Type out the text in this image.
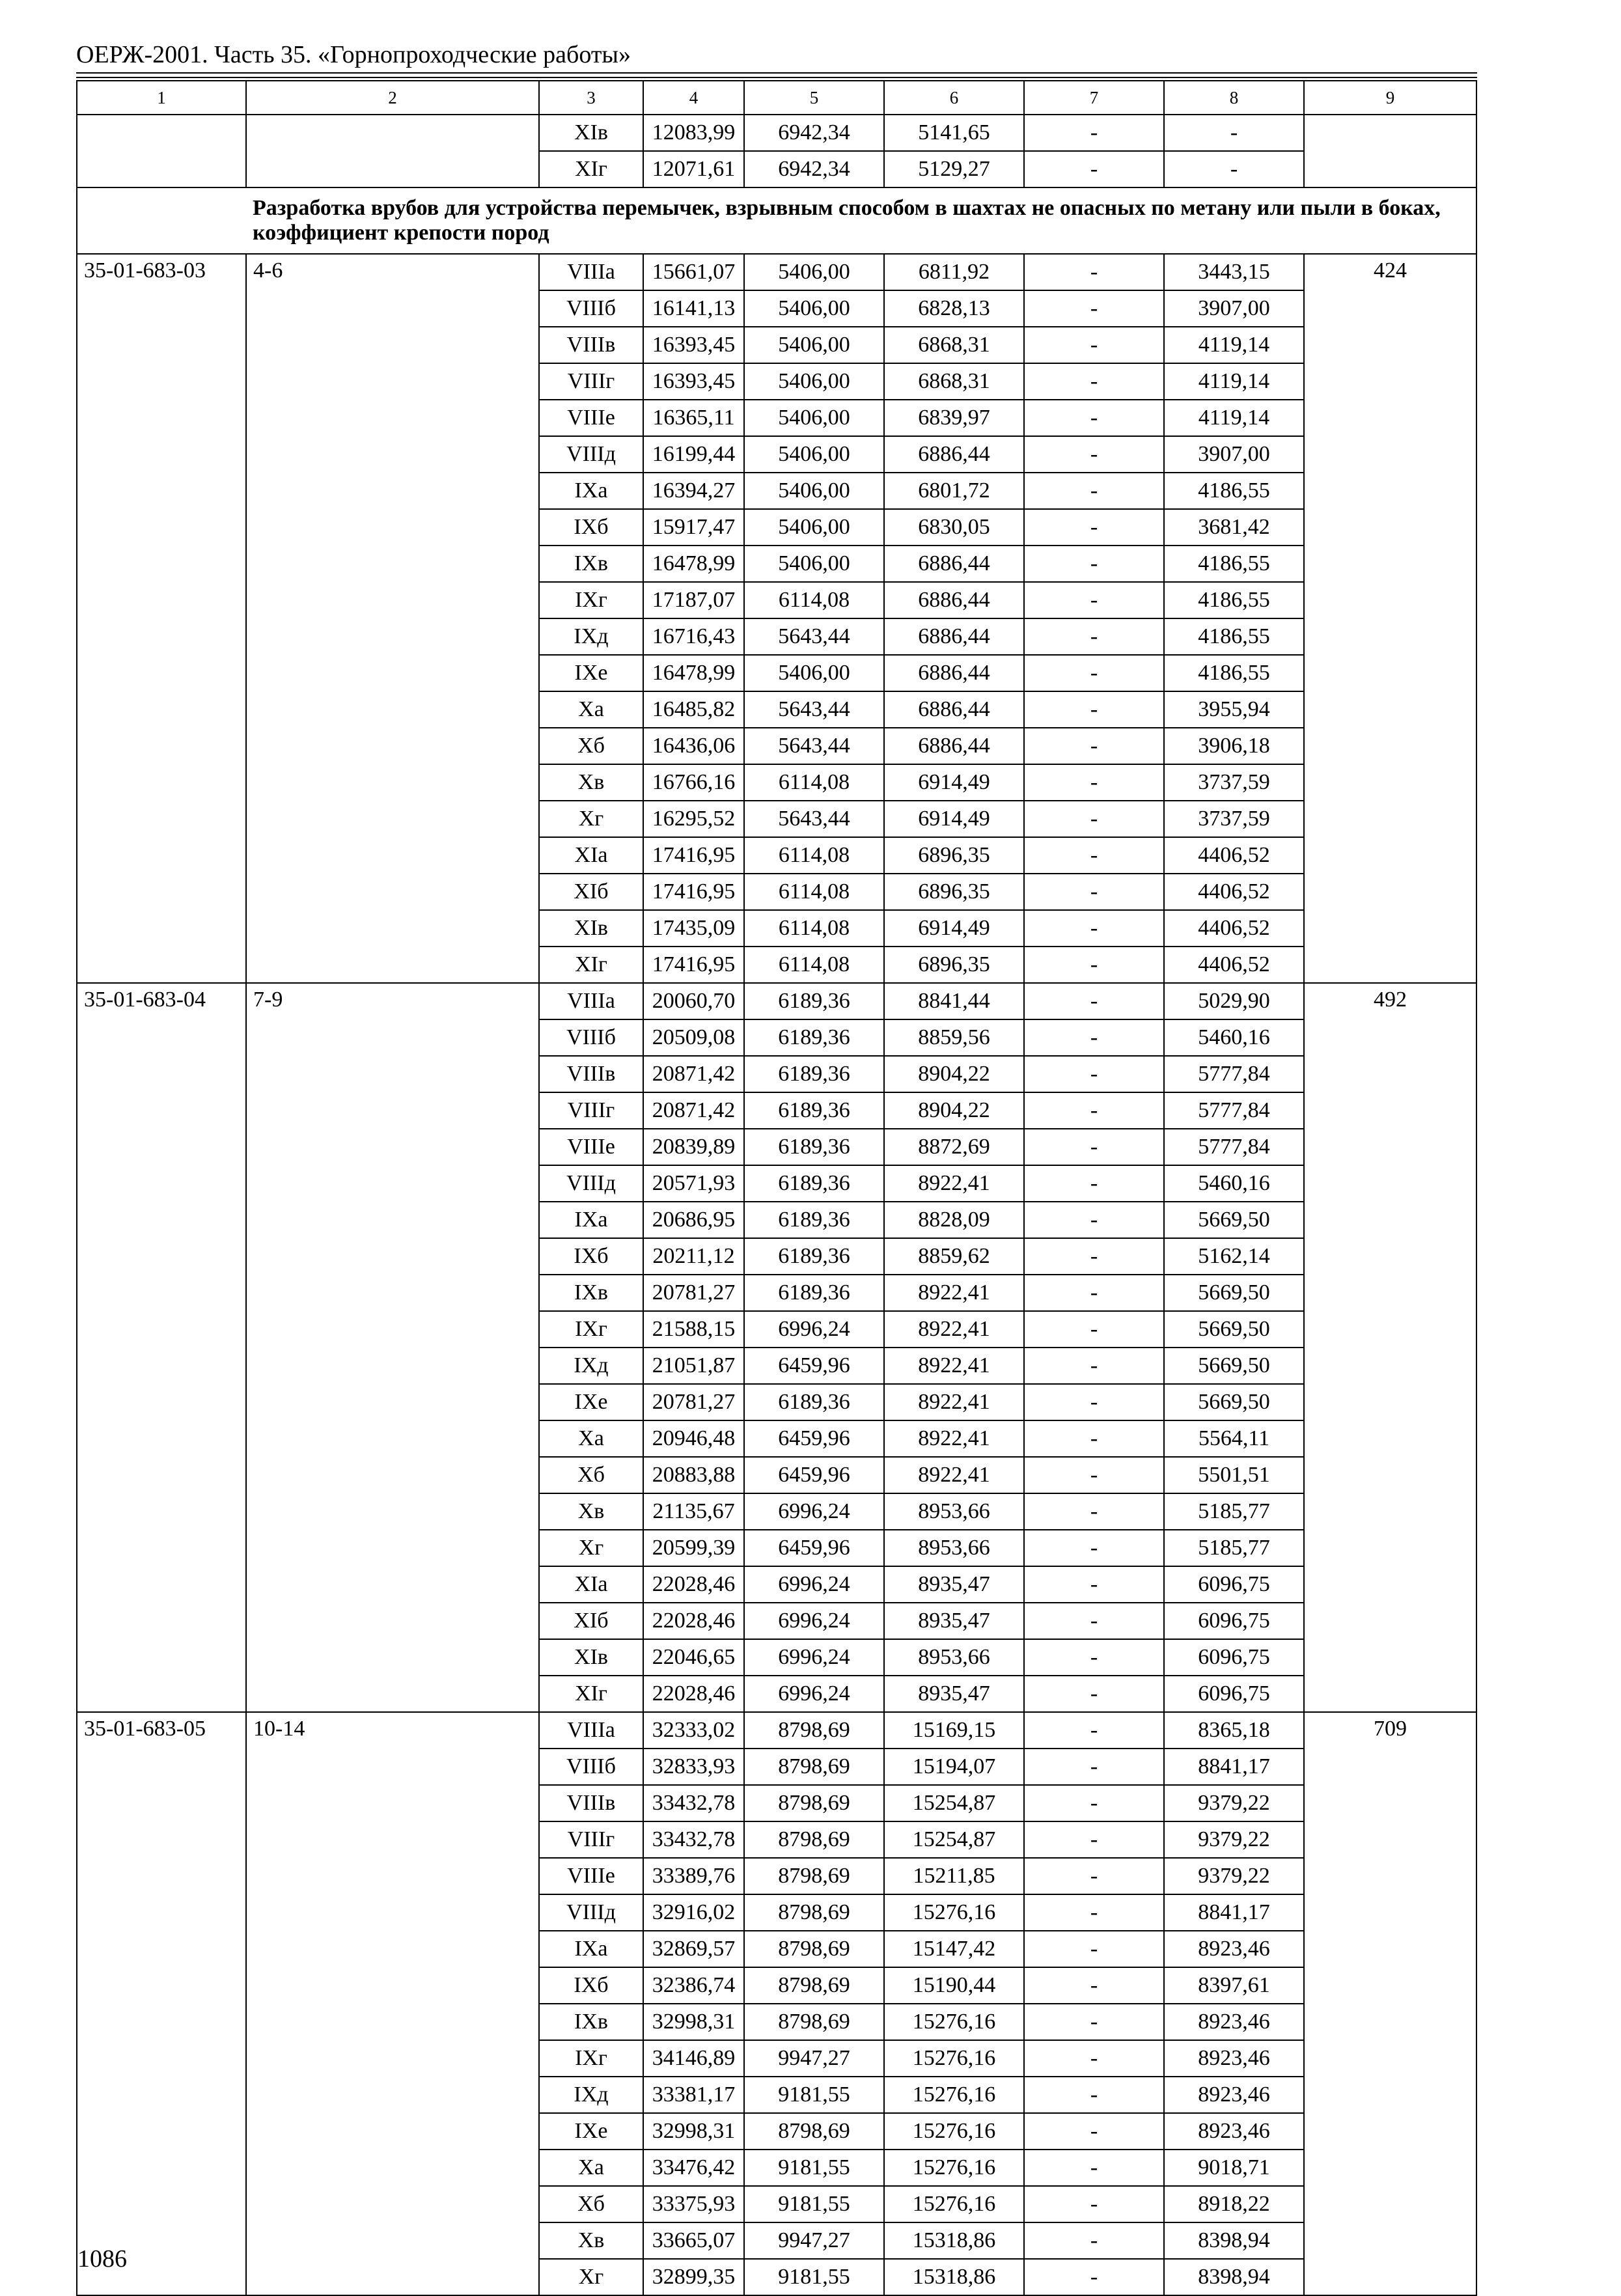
ОЕРЖ-2001. Часть 35. «Горнопроходческие работы»
1	2	3	4	5	6	7	8	9
		XIв	12083,99	6942,34	5141,65	-	-	
		XIг	12071,61	6942,34	5129,27	-	-	
	Разработка врубов для устройства перемычек, взрывным способом в шахтах не опасных по метану или пыли в боках, коэффициент крепости пород							
35-01-683-03	4-6	VIIIа	15661,07	5406,00	6811,92	-	3443,15	424
		VIIIб	16141,13	5406,00	6828,13	-	3907,00	
		VIIIв	16393,45	5406,00	6868,31	-	4119,14	
		VIIIг	16393,45	5406,00	6868,31	-	4119,14	
		VIIIе	16365,11	5406,00	6839,97	-	4119,14	
		VIIIд	16199,44	5406,00	6886,44	-	3907,00	
		IXа	16394,27	5406,00	6801,72	-	4186,55	
		IXб	15917,47	5406,00	6830,05	-	3681,42	
		IXв	16478,99	5406,00	6886,44	-	4186,55	
		IXг	17187,07	6114,08	6886,44	-	4186,55	
		IXд	16716,43	5643,44	6886,44	-	4186,55	
		IXе	16478,99	5406,00	6886,44	-	4186,55	
		Xа	16485,82	5643,44	6886,44	-	3955,94	
		Xб	16436,06	5643,44	6886,44	-	3906,18	
		Xв	16766,16	6114,08	6914,49	-	3737,59	
		Xг	16295,52	5643,44	6914,49	-	3737,59	
		XIа	17416,95	6114,08	6896,35	-	4406,52	
		XIб	17416,95	6114,08	6896,35	-	4406,52	
		XIв	17435,09	6114,08	6914,49	-	4406,52	
		XIг	17416,95	6114,08	6896,35	-	4406,52	
35-01-683-04	7-9	VIIIа	20060,70	6189,36	8841,44	-	5029,90	492
		VIIIб	20509,08	6189,36	8859,56	-	5460,16	
		VIIIв	20871,42	6189,36	8904,22	-	5777,84	
		VIIIг	20871,42	6189,36	8904,22	-	5777,84	
		VIIIе	20839,89	6189,36	8872,69	-	5777,84	
		VIIIд	20571,93	6189,36	8922,41	-	5460,16	
		IXа	20686,95	6189,36	8828,09	-	5669,50	
		IXб	20211,12	6189,36	8859,62	-	5162,14	
		IXв	20781,27	6189,36	8922,41	-	5669,50	
		IXг	21588,15	6996,24	8922,41	-	5669,50	
		IXд	21051,87	6459,96	8922,41	-	5669,50	
		IXе	20781,27	6189,36	8922,41	-	5669,50	
		Xа	20946,48	6459,96	8922,41	-	5564,11	
		Xб	20883,88	6459,96	8922,41	-	5501,51	
		Xв	21135,67	6996,24	8953,66	-	5185,77	
		Xг	20599,39	6459,96	8953,66	-	5185,77	
		XIа	22028,46	6996,24	8935,47	-	6096,75	
		XIб	22028,46	6996,24	8935,47	-	6096,75	
		XIв	22046,65	6996,24	8953,66	-	6096,75	
		XIг	22028,46	6996,24	8935,47	-	6096,75	
35-01-683-05	10-14	VIIIа	32333,02	8798,69	15169,15	-	8365,18	709
		VIIIб	32833,93	8798,69	15194,07	-	8841,17	
		VIIIв	33432,78	8798,69	15254,87	-	9379,22	
		VIIIг	33432,78	8798,69	15254,87	-	9379,22	
		VIIIе	33389,76	8798,69	15211,85	-	9379,22	
		VIIIд	32916,02	8798,69	15276,16	-	8841,17	
		IXа	32869,57	8798,69	15147,42	-	8923,46	
		IXб	32386,74	8798,69	15190,44	-	8397,61	
		IXв	32998,31	8798,69	15276,16	-	8923,46	
		IXг	34146,89	9947,27	15276,16	-	8923,46	
		IXд	33381,17	9181,55	15276,16	-	8923,46	
		IXе	32998,31	8798,69	15276,16	-	8923,46	
		Xа	33476,42	9181,55	15276,16	-	9018,71	
		Xб	33375,93	9181,55	15276,16	-	8918,22	
		Xв	33665,07	9947,27	15318,86	-	8398,94	
		Xг	32899,35	9181,55	15318,86	-	8398,94	
1086
